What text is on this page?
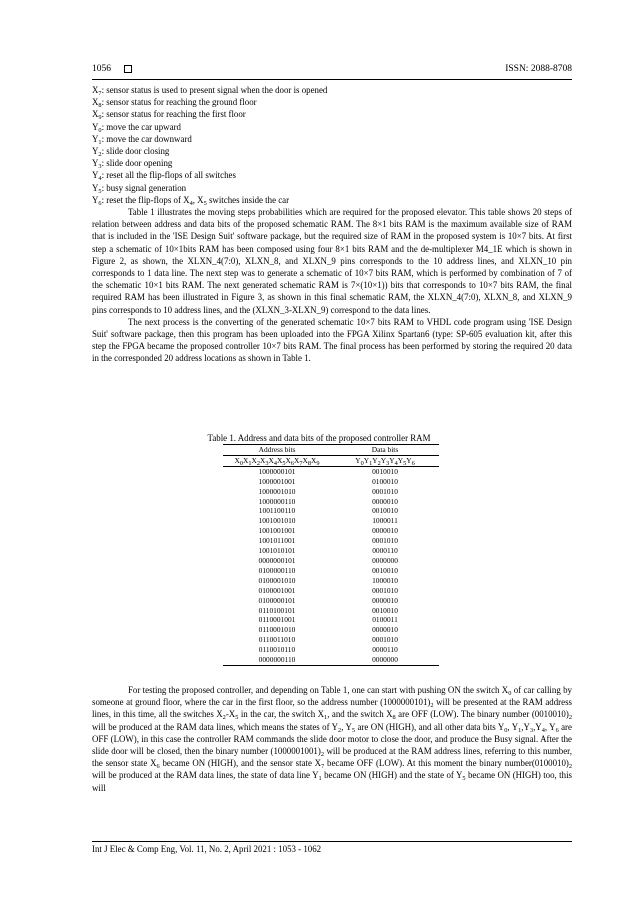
1056	ISSN: 2088-8708
$X_7$: sensor status is used to present signal when the door is opened
$X_8$: sensor status for reaching the ground floor
$X_9$: sensor status for reaching the first floor
$Y_0$: move the car upward
$Y_1$: move the car downward
$Y_2$: slide door closing
$Y_3$: slide door opening
$Y_4$: reset all the flip-flops of all switches
$Y_5$: busy signal generation
$Y_6$: reset the flip-flops of $X_4$, $X_5$ switches inside the car

Table 1 illustrates the moving steps probabilities which are required for the proposed elevator. This table shows 20 steps of relation between address and data bits of the proposed schematic RAM. The 8×1 bits RAM is the maximum available size of RAM that is included in the 'ISE Design Suit' software package, but the required size of RAM in the proposed system is 10×7 bits. At first step a schematic of 10×1bits RAM has been composed using four 8×1 bits RAM and the de-multiplexer M4_1E which is shown in Figure 2, as shown, the XLXN_4(7:0), XLXN_8, and XLXN_9 pins corresponds to the 10 address lines, and XLXN_10 pin corresponds to 1 data line. The next step was to generate a schematic of 10×7 bits RAM, which is performed by combination of 7 of the schematic 10×1 bits RAM. The next generated schematic RAM is 7×(10×1)) bits that corresponds to 10×7 bits RAM, the final required RAM has been illustrated in Figure 3, as shown in this final schematic RAM, the XLXN_4(7:0), XLXN_8, and XLXN_9 pins corresponds to 10 address lines, and the (XLXN_3-XLXN_9) correspond to the data lines.

The next process is the converting of the generated schematic 10×7 bits RAM to VHDL code program using 'ISE Design Suit' software package, then this program has been uploaded into the FPGA Xilinx Spartan6 (type: SP-605 evaluation kit, after this step the FPGA became the proposed controller 10×7 bits RAM. The final process has been performed by storing the required 20 data in the corresponded 20 address locations as shown in Table 1.

Table 1. Address and data bits of the proposed controller RAM
Address bits	Data bits
$X_0X_1X_2X_3X_4X_5X_6X_7X_8X_9$	$Y_0Y_1Y_2Y_3Y_4Y_5Y_6$
1000000101	0010010
1000001001	0100010
1000001010	0001010
1000000110	0000010
1001100110	0010010
1001001010	1000011
1001001001	0000010
1001011001	0001010
1001010101	0000110
0000000101	0000000
0100000110	0010010
0100001010	1000010
0100001001	0001010
0100000101	0000010
0110100101	0010010
0110001001	0100011
0110001010	0000010
0110011010	0001010
0110010110	0000110
0000000110	0000000

For testing the proposed controller, and depending on Table 1, one can start with pushing ON the switch $X_0$ of car calling by someone at ground floor, where the car in the first floor, so the address number $(1000000101)_2$ will be presented at the RAM address lines, in this time, all the switches $X_2-X_5$ in the car, the switch $X_1$, and the switch $X_8$ are OFF (LOW). The binary number $(0010010)_2$ will be produced at the RAM data lines, which means the states of $Y_2$, $Y_5$ are ON (HIGH), and all other data bits $Y_0$, $Y_1,Y_3,Y_4$, $Y_6$ are OFF (LOW), in this case the controller RAM commands the slide door motor to close the door, and produce the Busy signal. After the slide door will be closed, then the binary number $(1000001001)_2$ will be produced at the RAM address lines, referring to this number, the sensor state $X_6$ became ON (HIGH), and the sensor state $X_7$ became OFF (LOW). At this moment the binary $number(0100010)_2$ will be produced at the RAM data lines, the state of data line $Y_1$ became ON (HIGH) and the state of $Y_5$ became ON (HIGH) too, this will

Int J Elec & Comp Eng, Vol. 11, No. 2, April 2021 : 1053 - 1062
